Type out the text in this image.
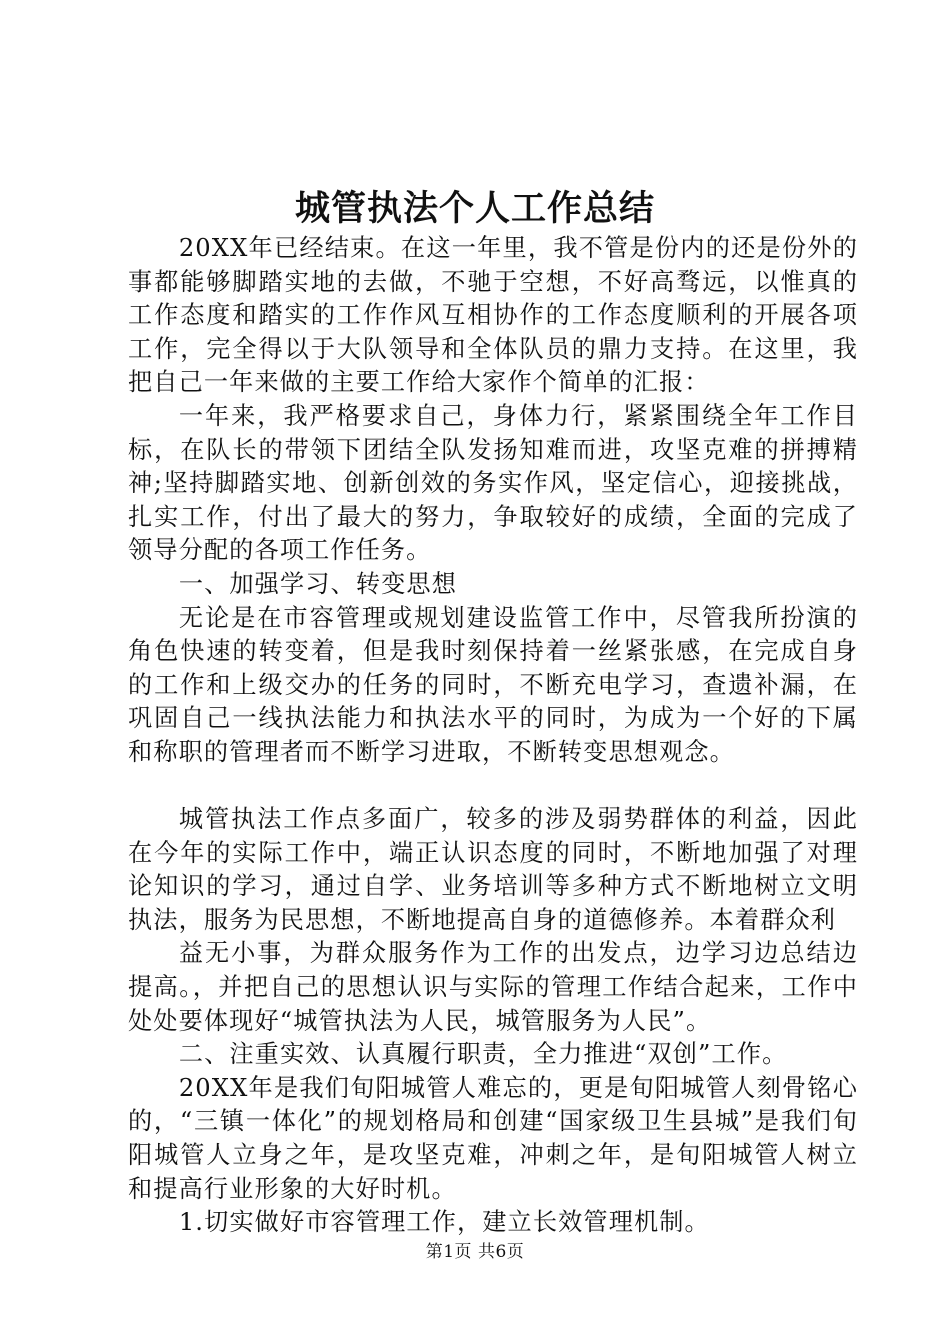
城管执法个人工作总结

20XX年已经结束。在这一年里，我不管是份内的还是份外的事都能够脚踏实地的去做，不驰于空想，不好高骛远，以惟真的工作态度和踏实的工作作风互相协作的工作态度顺利的开展各项工作，完全得以于大队领导和全体队员的鼎力支持。在这里，我把自己一年来做的主要工作给大家作个简单的汇报：

一年来，我严格要求自己，身体力行，紧紧围绕全年工作目标，在队长的带领下团结全队发扬知难而进，攻坚克难的拼搏精神;坚持脚踏实地、创新创效的务实作风，坚定信心，迎接挑战，扎实工作，付出了最大的努力，争取较好的成绩，全面的完成了领导分配的各项工作任务。

一、加强学习、转变思想

无论是在市容管理或规划建设监管工作中，尽管我所扮演的角色快速的转变着，但是我时刻保持着一丝紧张感，在完成自身的工作和上级交办的任务的同时，不断充电学习，查遗补漏，在巩固自己一线执法能力和执法水平的同时，为成为一个好的下属和称职的管理者而不断学习进取，不断转变思想观念。

城管执法工作点多面广，较多的涉及弱势群体的利益，因此在今年的实际工作中，端正认识态度的同时，不断地加强了对理论知识的学习，通过自学、业务培训等多种方式不断地树立文明执法，服务为民思想，不断地提高自身的道德修养。本着群众利

益无小事，为群众服务作为工作的出发点，边学习边总结边提高。，并把自己的思想认识与实际的管理工作结合起来，工作中处处要体现好“城管执法为人民，城管服务为人民”。

二、注重实效、认真履行职责，全力推进“双创”工作。

20XX年是我们旬阳城管人难忘的，更是旬阳城管人刻骨铭心的，“三镇一体化”的规划格局和创建“国家级卫生县城”是我们旬阳城管人立身之年，是攻坚克难，冲刺之年，是旬阳城管人树立和提高行业形象的大好时机。

1.切实做好市容管理工作，建立长效管理机制。

第1页 共6页
